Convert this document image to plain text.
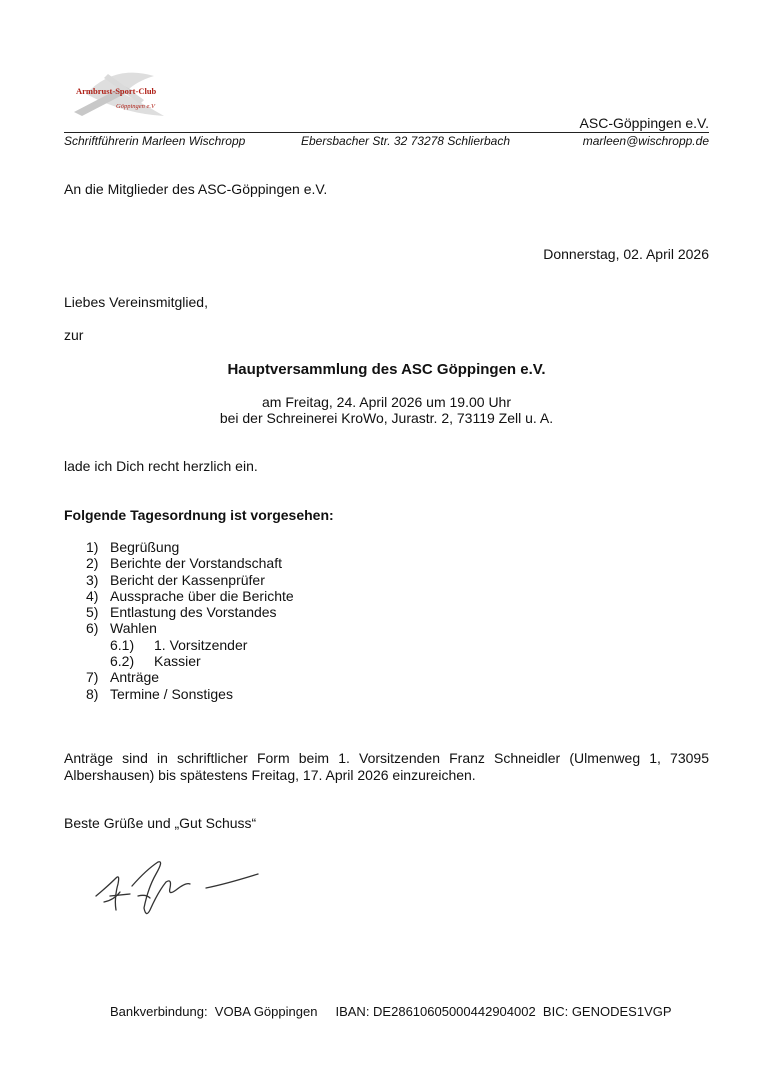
Armbrust-Sport-Club
Göppingen e.V
ASC-Göppingen e.V.
Schriftführerin Marleen Wischropp	Ebersbacher Str. 32 73278 Schlierbach	marleen@wischropp.de
An die Mitglieder des ASC-Göppingen e.V.
Donnerstag, 02. April 2026
Liebes Vereinsmitglied,
zur
Hauptversammlung des ASC Göppingen e.V.
am Freitag, 24. April 2026 um 19.00 Uhr
bei der Schreinerei KroWo, Jurastr. 2, 73119 Zell u. A.
lade ich Dich recht herzlich ein.
Folgende Tagesordnung ist vorgesehen:
1) Begrüßung
2) Berichte der Vorstandschaft
3) Bericht der Kassenprüfer
4) Aussprache über die Berichte
5) Entlastung des Vorstandes
6) Wahlen
6.1) 1. Vorsitzender
6.2) Kassier
7) Anträge
8) Termine / Sonstiges
Anträge sind in schriftlicher Form beim 1. Vorsitzenden Franz Schneidler (Ulmenweg 1, 73095 Albershausen) bis spätestens Freitag, 17. April 2026 einzureichen.
Beste Grüße und „Gut Schuss“
Bankverbindung:  VOBA Göppingen     IBAN: DE28610605000442904002  BIC: GENODES1VGP
